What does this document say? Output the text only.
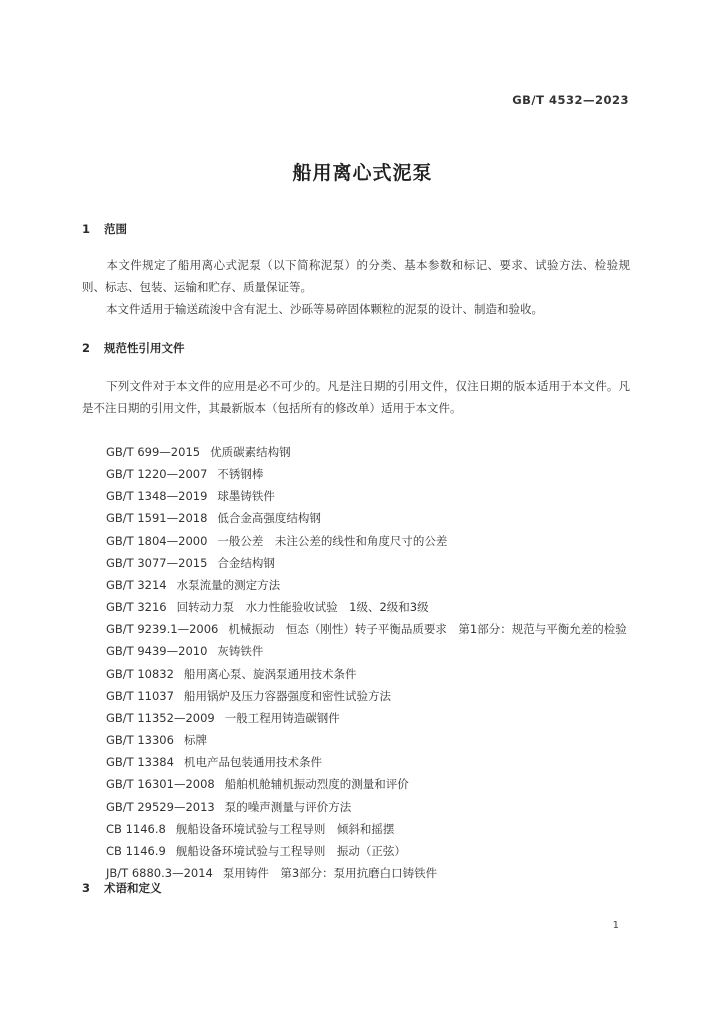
GB/T 4532—2023
船用离心式泥泵
1 范围
本文件规定了船用离心式泥泵（以下简称泥泵）的分类、基本参数和标记、要求、试验方法、检验规则、标志、包装、运输和贮存、质量保证等。
本文件适用于输送疏浚中含有泥土、沙砾等易碎固体颗粒的泥泵的设计、制造和验收。
2 规范性引用文件
下列文件对于本文件的应用是必不可少的。凡是注日期的引用文件，仅注日期的版本适用于本文件。凡是不注日期的引用文件，其最新版本（包括所有的修改单）适用于本文件。
GB/T 699—2015 优质碳素结构钢
GB/T 1220—2007 不锈钢棒
GB/T 1348—2019 球墨铸铁件
GB/T 1591—2018 低合金高强度结构钢
GB/T 1804—2000 一般公差　未注公差的线性和角度尺寸的公差
GB/T 3077—2015 合金结构钢
GB/T 3214 水泵流量的测定方法
GB/T 3216 回转动力泵　水力性能验收试验　1级、2级和3级
GB/T 9239.1—2006 机械振动　恒态（刚性）转子平衡品质要求　第1部分：规范与平衡允差的检验
GB/T 9439—2010 灰铸铁件
GB/T 10832 船用离心泵、旋涡泵通用技术条件
GB/T 11037 船用锅炉及压力容器强度和密性试验方法
GB/T 11352—2009 一般工程用铸造碳钢件
GB/T 13306 标牌
GB/T 13384 机电产品包装通用技术条件
GB/T 16301—2008 船舶机舱辅机振动烈度的测量和评价
GB/T 29529—2013 泵的噪声测量与评价方法
CB 1146.8 舰船设备环境试验与工程导则　倾斜和摇摆
CB 1146.9 舰船设备环境试验与工程导则　振动（正弦）
JB/T 6880.3—2014 泵用铸件　第3部分：泵用抗磨白口铸铁件
3 术语和定义
1
